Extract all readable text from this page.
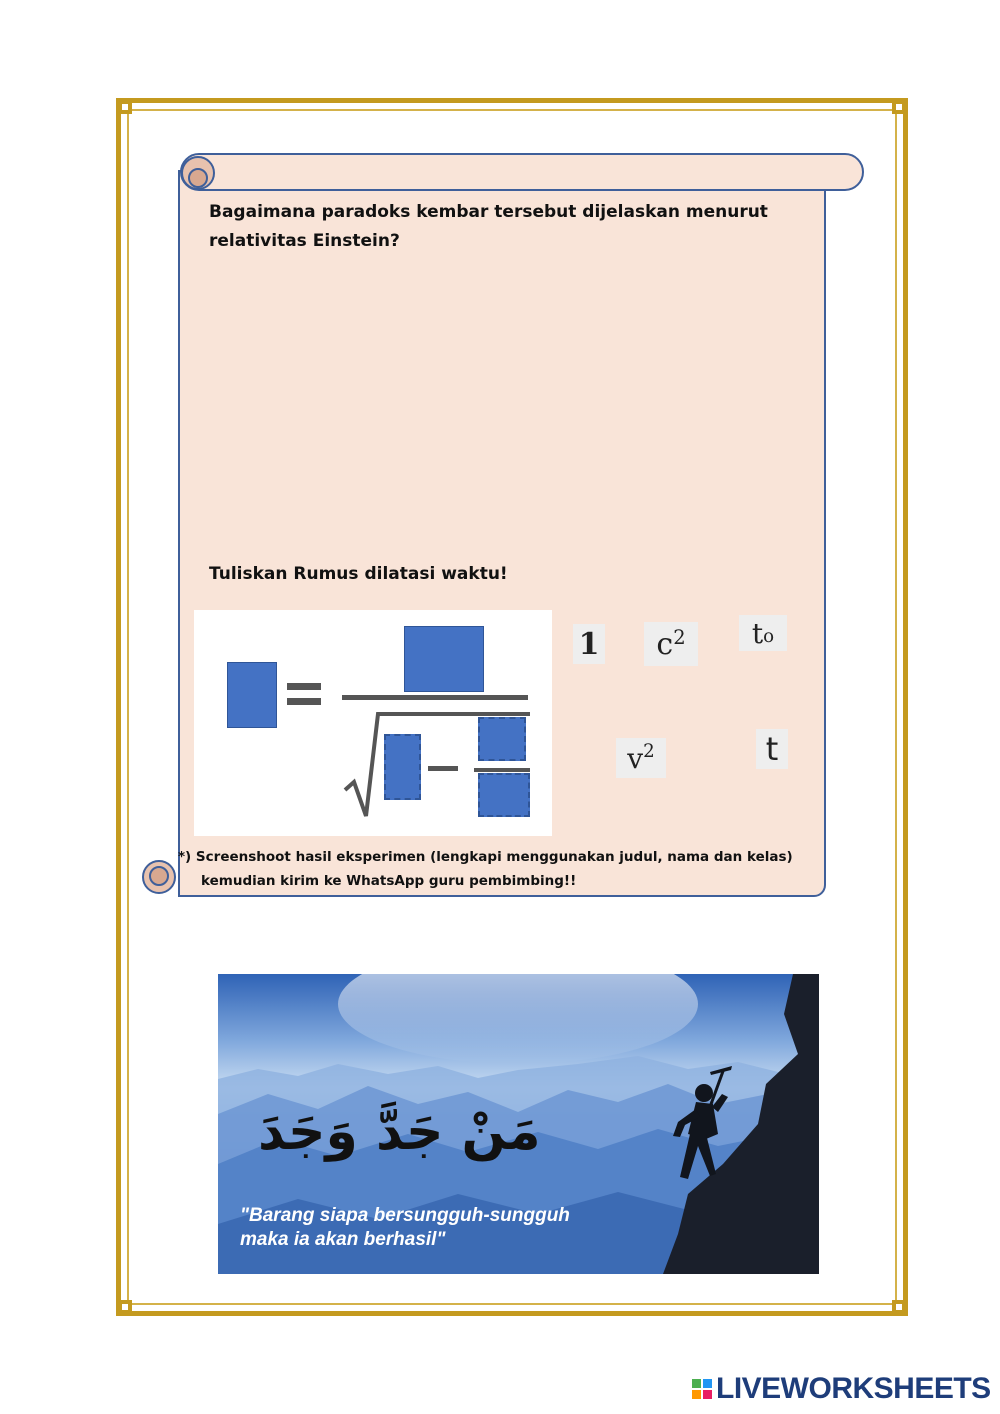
Bagaimana paradoks kembar tersebut dijelaskan menurut
relativitas Einstein?
Tuliskan Rumus dilatasi waktu!
1 $c^2$ $t_o$
$v^2$	t
*) Screenshoot hasil eksperimen (lengkapi menggunakan judul, nama dan kelas)
kemudian kirim ke WhatsApp guru pembimbing!!
مَنْ جَدَّ وَجَدَ
"Barang siapa bersungguh-sungguh
maka ia akan berhasil"
LIVEWORKSHEETS
